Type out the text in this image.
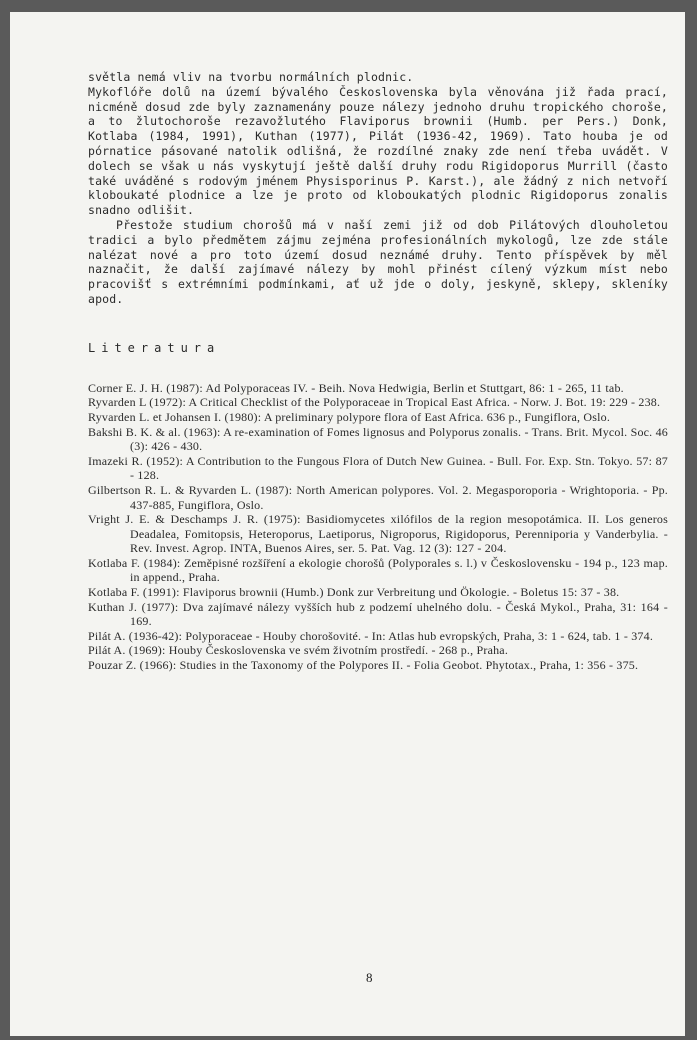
světla nemá vliv na tvorbu normálních plodnic.

Mykoflóře dolů na území bývalého Československa byla věnována již řada prací, nicméně dosud zde byly zaznamenány pouze nálezy jednoho druhu tropického choroše, a to žlutochoroše rezavožlutého Flaviporus brownii (Humb. per Pers.) Donk, Kotlaba (1984, 1991), Kuthan (1977), Pilát (1936-42, 1969). Tato houba je od pórnatice pásované natolik odlišná, že rozdílné znaky zde není třeba uvádět. V dolech se však u nás vyskytují ještě další druhy rodu Rigidoporus Murrill (často také uváděné s rodovým jménem Physisporinus P. Karst.), ale žádný z nich netvoří kloboukaté plodnice a lze je proto od kloboukatých plodnic Rigidoporus zonalis snadno odlišit.

Přestože studium chorošů má v naší zemi již od dob Pilátových dlouholetou tradici a bylo předmětem zájmu zejména profesionálních mykologů, lze zde stále nalézat nové a pro toto území dosud neznámé druhy. Tento příspěvek by měl naznačit, že další zajímavé nálezy by mohl přinést cílený výzkum míst nebo pracovišť s extrémními podmínkami, ať už jde o doly, jeskyně, sklepy, skleníky apod.

Literatura

Corner E. J. H. (1987): Ad Polyporaceas IV. - Beih. Nova Hedwigia, Berlin et Stuttgart, 86: 1 - 265, 11 tab.

Ryvarden L (1972): A Critical Checklist of the Polyporaceae in Tropical East Africa. - Norw. J. Bot. 19: 229 - 238.

Ryvarden L. et Johansen I. (1980): A preliminary polypore flora of East Africa. 636 p., Fungiflora, Oslo.

Bakshi B. K. & al. (1963): A re-examination of Fomes lignosus and Polyporus zonalis. - Trans. Brit. Mycol. Soc. 46 (3): 426 - 430.

Imazeki R. (1952): A Contribution to the Fungous Flora of Dutch New Guinea. - Bull. For. Exp. Stn. Tokyo. 57: 87 - 128.

Gilbertson R. L. & Ryvarden L. (1987): North American polypores. Vol. 2. Megasporoporia - Wrightoporia. - Pp. 437-885, Fungiflora, Oslo.

Vright J. E. & Deschamps J. R. (1975): Basidiomycetes xilófilos de la region mesopotámica. II. Los generos Deadalea, Fomitopsis, Heteroporus, Laetiporus, Nigroporus, Rigidoporus, Perenniporia y Vanderbylia. - Rev. Invest. Agrop. INTA, Buenos Aires, ser. 5. Pat. Vag. 12 (3): 127 - 204.

Kotlaba F. (1984): Zeměpisné rozšíření a ekologie chorošů (Polyporales s. l.) v Československu - 194 p., 123 map. in append., Praha.

Kotlaba F. (1991): Flaviporus brownii (Humb.) Donk zur Verbreitung und Ökologie. - Boletus 15: 37 - 38.

Kuthan J. (1977): Dva zajímavé nálezy vyšších hub z podzemí uhelného dolu. - Česká Mykol., Praha, 31: 164 - 169.

Pilát A. (1936-42): Polyporaceae - Houby chorošovité. - In: Atlas hub evropských, Praha, 3: 1 - 624, tab. 1 - 374.

Pilát A. (1969): Houby Československa ve svém životním prostředí. - 268 p., Praha.

Pouzar Z. (1966): Studies in the Taxonomy of the Polypores II. - Folia Geobot. Phytotax., Praha, 1: 356 - 375.

8
